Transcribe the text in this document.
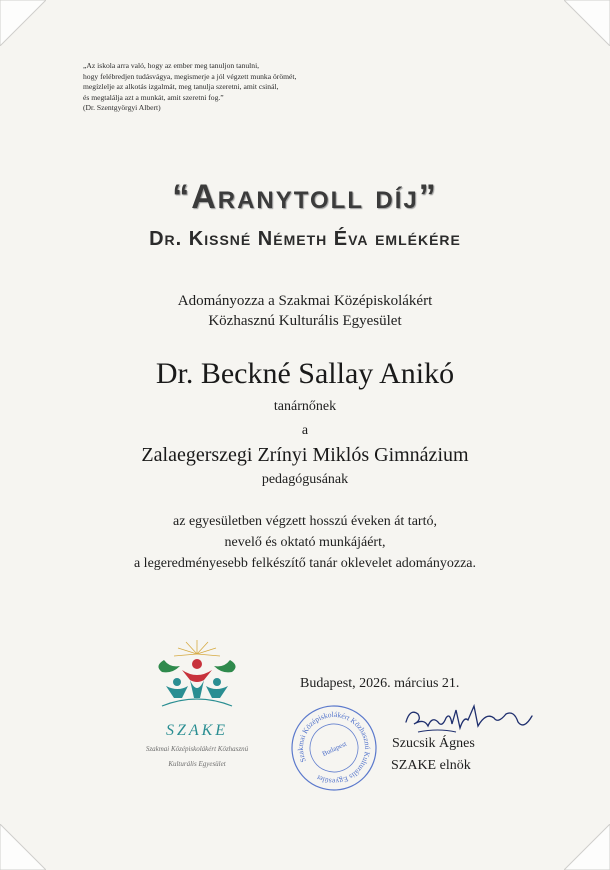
„Az iskola arra való, hogy az ember meg tanuljon tanulni,
hogy felébredjen tudásvágya, megismerje a jól végzett munka örömét,
megízlelje az alkotás izgalmát, meg tanulja szeretni, amit csinál,
és megtalálja azt a munkát, amit szeretni fog.”
(Dr. Szentgyörgyi Albert)
“Aranytoll díj”
Dr. Kissné Németh Éva emlékére
Adományozza a Szakmai Középiskolákért
Közhasznú Kulturális Egyesület
Dr. Beckné Sallay Anikó
tanárnőnek
a
Zalaegerszegi Zrínyi Miklós Gimnázium
pedagógusának
az egyesületben végzett hosszú éveken át tartó,
nevelő és oktató munkájáért,
a legeredményesebb felkészítő tanár oklevelet adományozza.
SZAKE
Szakmai Középiskolákért Közhasznú
Kulturális Egyesület
Budapest, 2026. március 21.
Szakmai Középiskolákért Közhasznú Kulturális Egyesület
Budapest	Szucsik Ágnes
SZAKE elnök
